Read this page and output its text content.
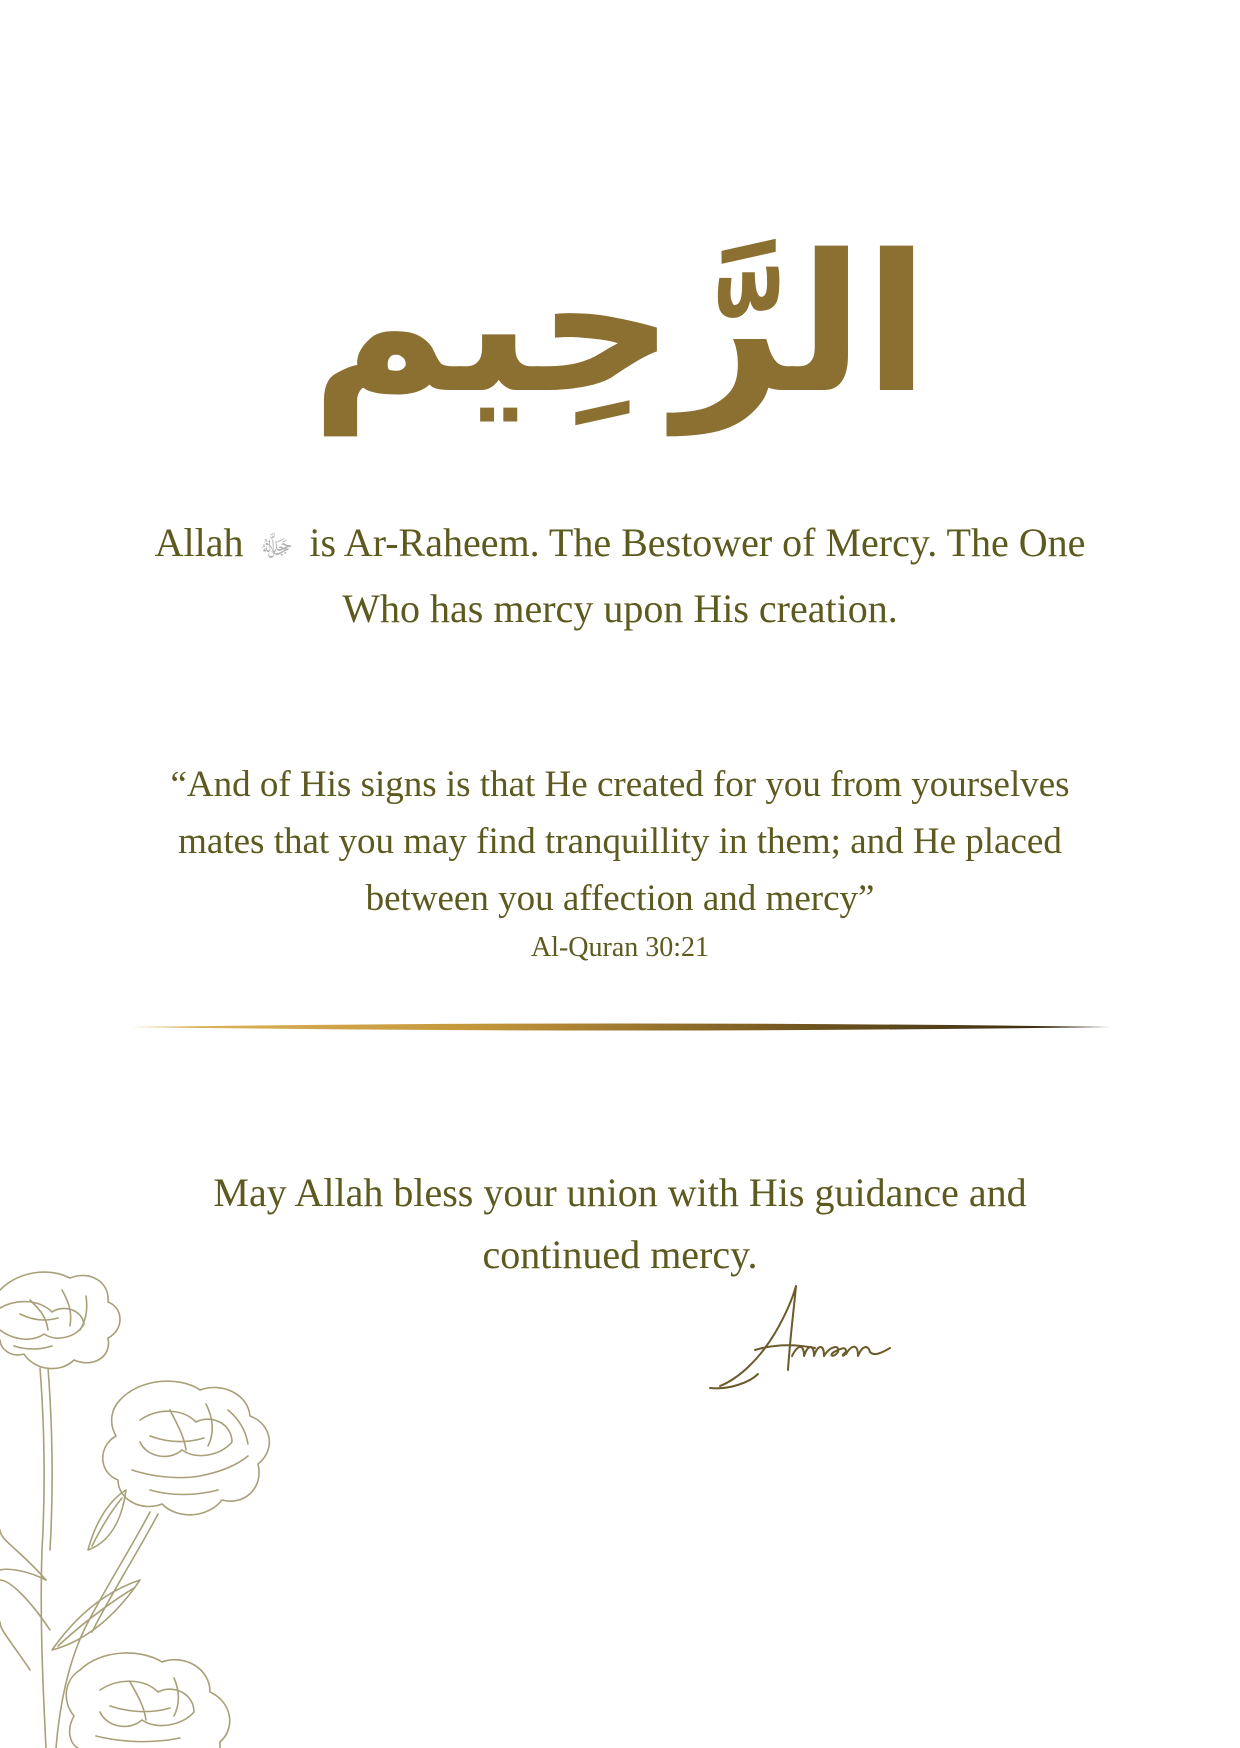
الرَّحِيم
Allah ﷻ is Ar-Raheem. The Bestower of Mercy. The One Who has mercy upon His creation.
“And of His signs is that He created for you from yourselves mates that you may find tranquillity in them; and He placed between you affection and mercy”
Al-Quran 30:21
May Allah bless your union with His guidance and continued mercy.
